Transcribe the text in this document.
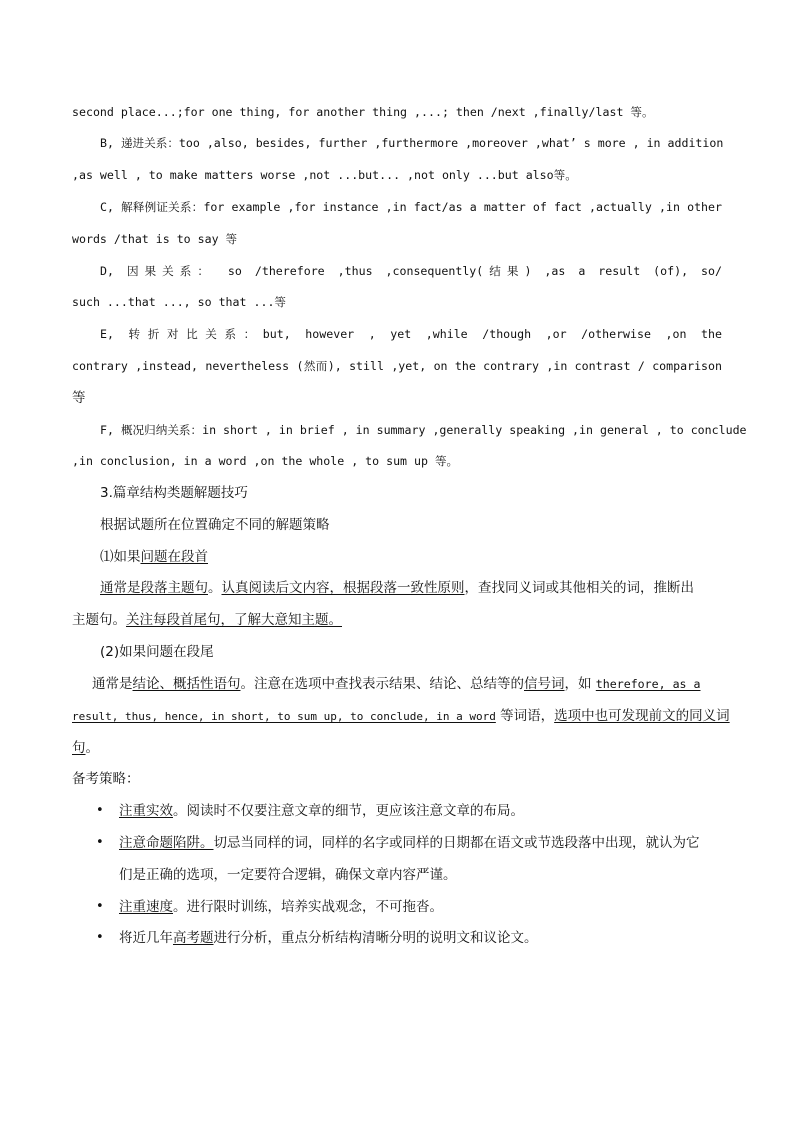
second place...;for one thing, for another thing ,...; then /next ,finally/last 等。
B, 递进关系：too ,also, besides, further ,furthermore ,moreover ,what’ s more , in addition
,as well , to make matters worse ,not ...but... ,not only ...but also等。
C, 解释例证关系：for example ,for instance ,in fact/as a matter of fact ,actually ,in other
words /that is to say 等
D, 因果关系： so /therefore ,thus ,consequently(结果) ,as a result (of), so/
such ...that ..., so that ...等
E, 转折对比关系：but, however , yet ,while /though ,or /otherwise ,on the
contrary ,instead, nevertheless (然而), still ,yet, on the contrary ,in contrast / comparison
等
F, 概况归纳关系：in short , in brief , in summary ,generally speaking ,in general , to conclude
,in conclusion, in a word ,on the whole , to sum up 等。
3.篇章结构类题解题技巧
根据试题所在位置确定不同的解题策略
⑴如果问题在段首
通常是段落主题句。认真阅读后文内容，根据段落一致性原则，查找同义词或其他相关的词，推断出
主题句。关注每段首尾句，了解大意知主题。
(2)如果问题在段尾
通常是结论、概括性语句。注意在选项中查找表示结果、结论、总结等的信号词，如 therefore, as a
result, thus, hence, in short, to sum up, to conclude, in a word 等词语，选项中也可发现前文的同义词
句。
备考策略：
• 注重实效。阅读时不仅要注意文章的细节，更应该注意文章的布局。
• 注意命题陷阱。切忌当同样的词，同样的名字或同样的日期都在语文或节选段落中出现，就认为它
们是正确的选项，一定要符合逻辑，确保文章内容严谨。
• 注重速度。进行限时训练，培养实战观念，不可拖沓。
• 将近几年高考题进行分析，重点分析结构清晰分明的说明文和议论文。
